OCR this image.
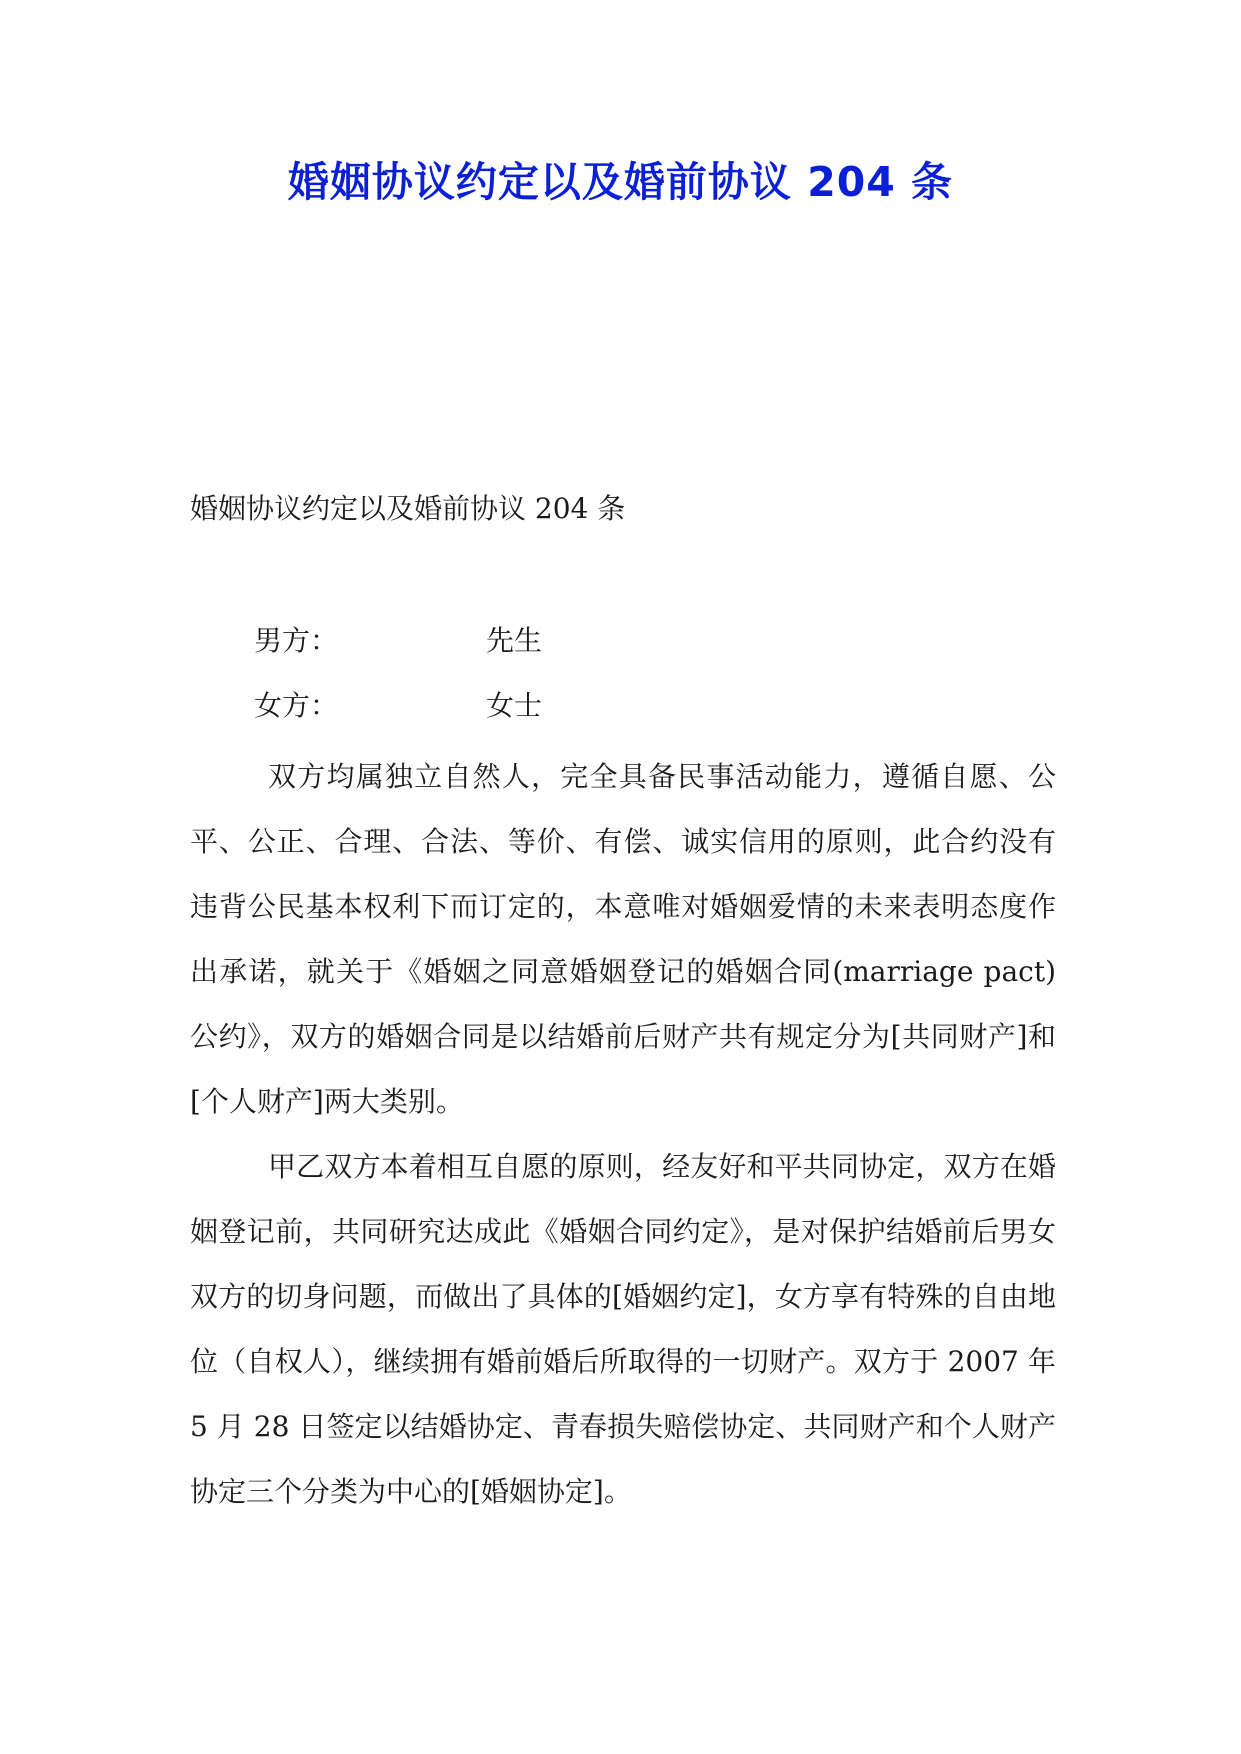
婚姻协议约定以及婚前协议 204 条

婚姻协议约定以及婚前协议 204 条

男方：	先生

女方：	女士

双方均属独立自然人，完全具备民事活动能力，遵循自愿、公平、公正、合理、合法、等价、有偿、诚实信用的原则，此合约没有违背公民基本权利下而订定的，本意唯对婚姻爱情的未来表明态度作出承诺，就关于《婚姻之同意婚姻登记的婚姻合同(marriage pact)公约》，双方的婚姻合同是以结婚前后财产共有规定分为[共同财产]和[个人财产]两大类别。

甲乙双方本着相互自愿的原则，经友好和平共同协定，双方在婚姻登记前，共同研究达成此《婚姻合同约定》，是对保护结婚前后男女双方的切身问题，而做出了具体的[婚姻约定]，女方享有特殊的自由地位（自权人），继续拥有婚前婚后所取得的一切财产。双方于 2007 年 5 月 28 日签定以结婚协定、青春损失赔偿协定、共同财产和个人财产协定三个分类为中心的[婚姻协定]。
